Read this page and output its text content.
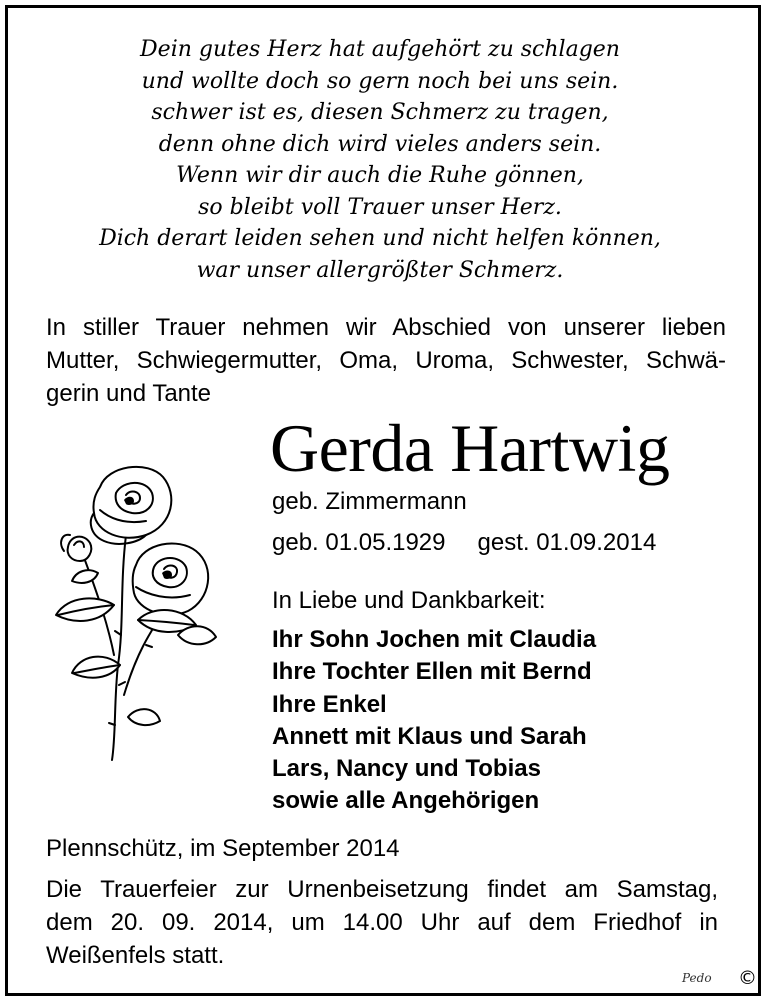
Dein gutes Herz hat aufgehört zu schlagen
und wollte doch so gern noch bei uns sein.
schwer ist es, diesen Schmerz zu tragen,
denn ohne dich wird vieles anders sein.
Wenn wir dir auch die Ruhe gönnen,
so bleibt voll Trauer unser Herz.
Dich derart leiden sehen und nicht helfen können,
war unser allergrößter Schmerz.
In stiller Trauer nehmen wir Abschied von unserer lieben
Mutter, Schwiegermutter, Oma, Uroma, Schwester, Schwä-
gerin und Tante
Gerda Hartwig
geb. Zimmermann
geb. 01.05.1929 gest. 01.09.2014
In Liebe und Dankbarkeit:
Ihr Sohn Jochen mit Claudia
Ihre Tochter Ellen mit Bernd
Ihre Enkel
Annett mit Klaus und Sarah
Lars, Nancy und Tobias
sowie alle Angehörigen
Plennschütz, im September 2014
Die Trauerfeier zur Urnenbeisetzung findet am Samstag,
dem 20. 09. 2014, um 14.00 Uhr auf dem Friedhof in
Weißenfels statt.
Pedo ©
